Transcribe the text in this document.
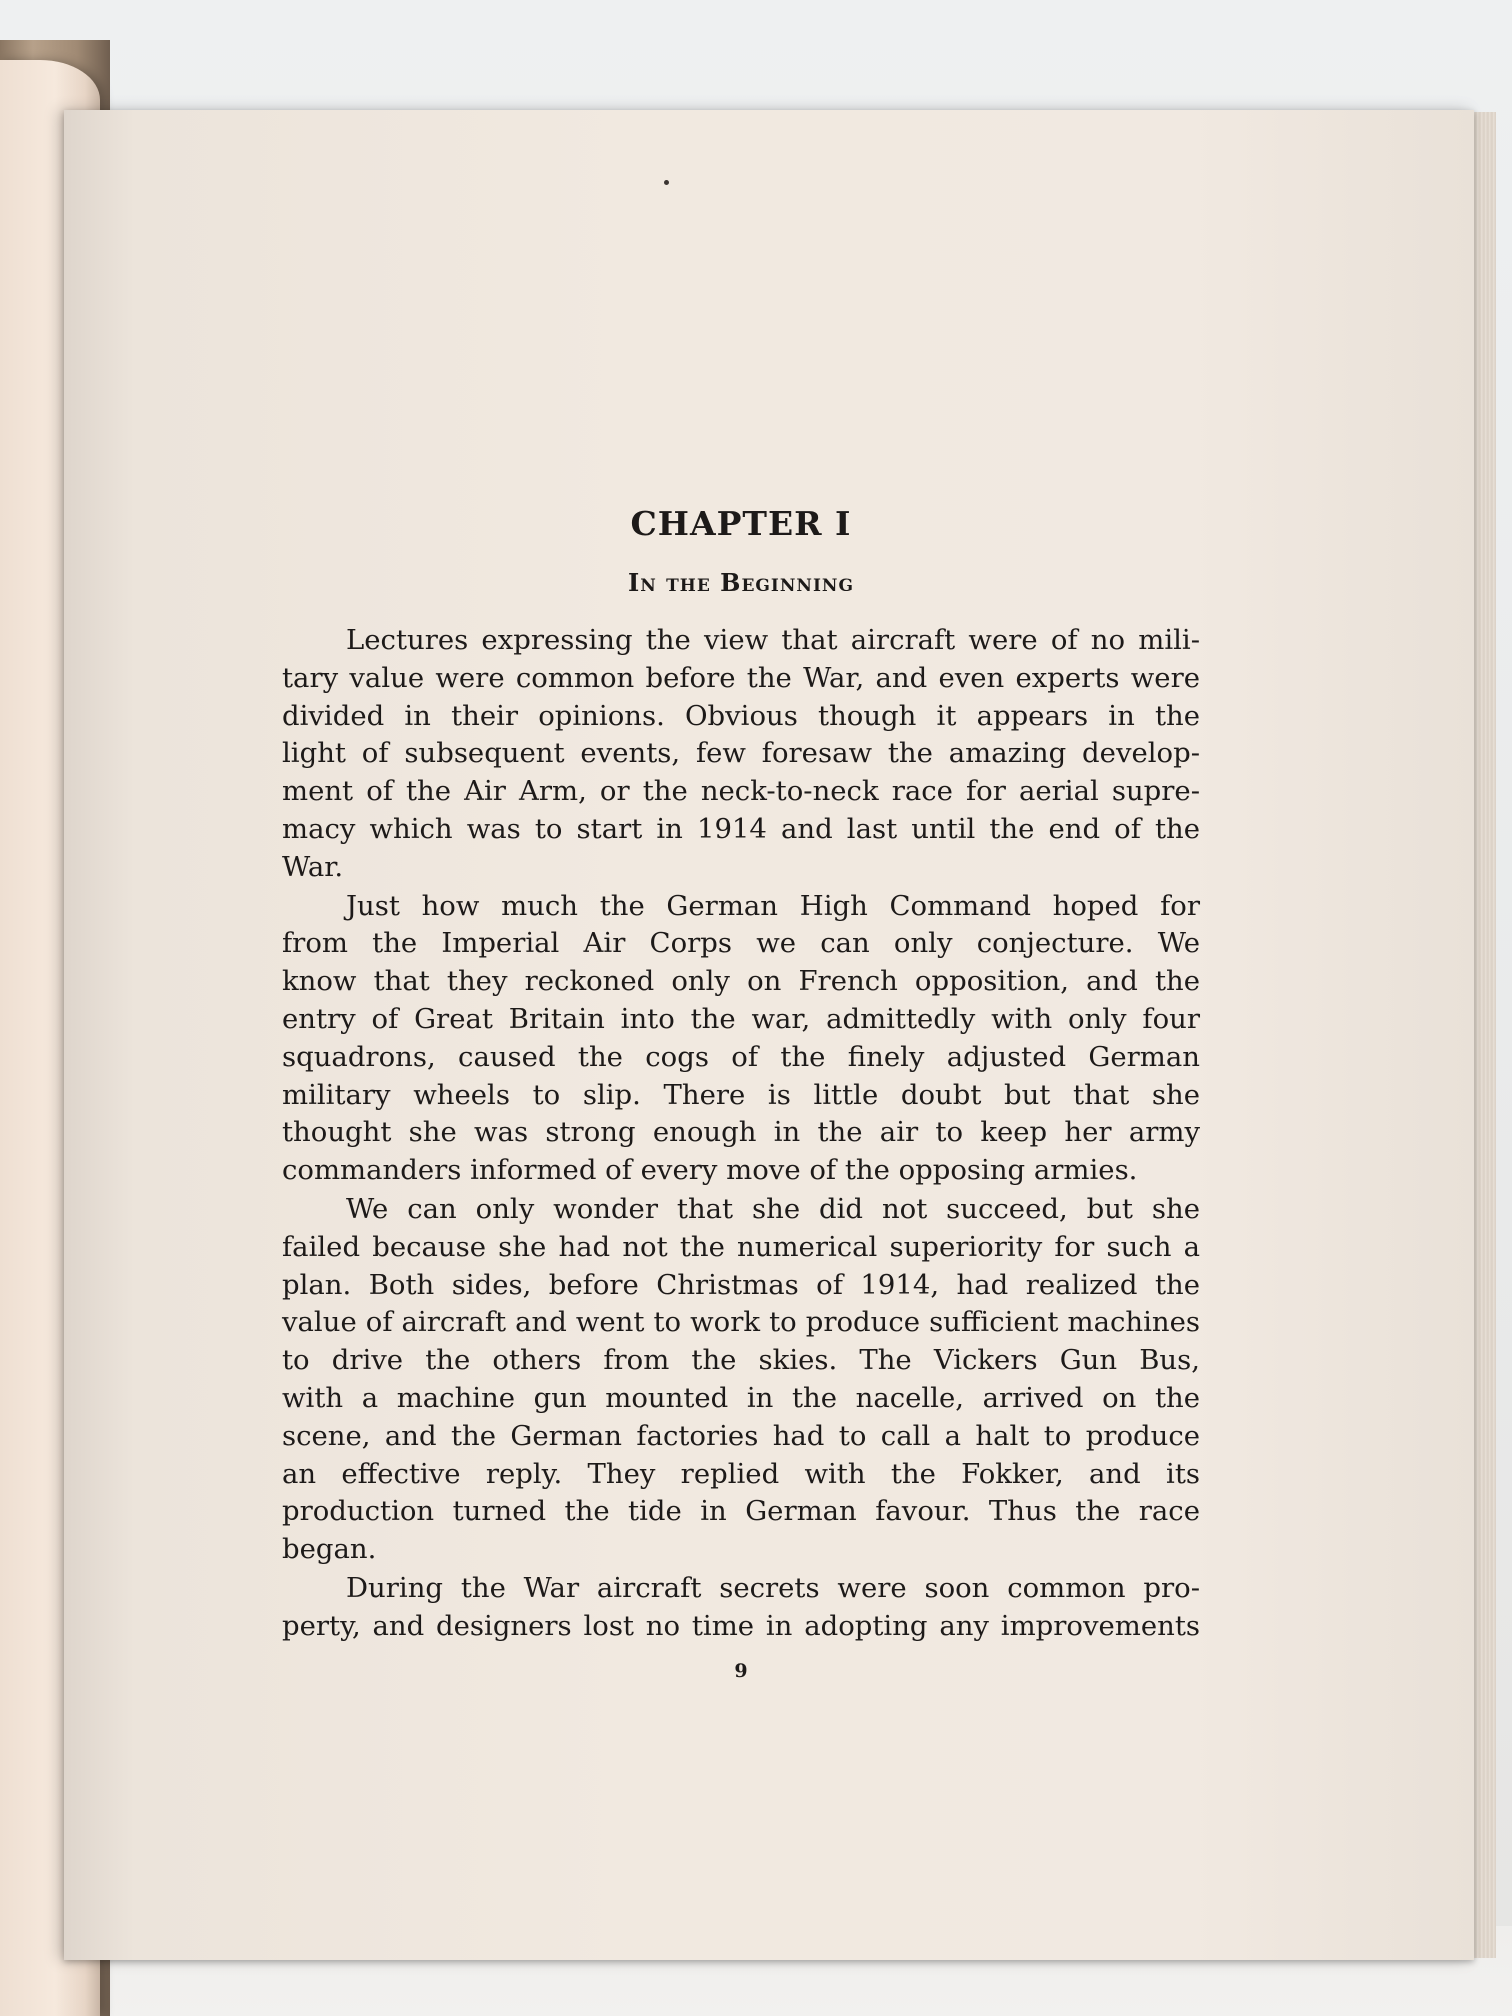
CHAPTER I
In the Beginning

Lectures expressing the view that aircraft were of no mili-
tary value were common before the War, and even experts were
divided in their opinions. Obvious though it appears in the
light of subsequent events, few foresaw the amazing develop-
ment of the Air Arm, or the neck-to-neck race for aerial supre-
macy which was to start in 1914 and last until the end of the
War.

Just how much the German High Command hoped for
from the Imperial Air Corps we can only conjecture. We
know that they reckoned only on French opposition, and the
entry of Great Britain into the war, admittedly with only four
squadrons, caused the cogs of the finely adjusted German
military wheels to slip. There is little doubt but that she
thought she was strong enough in the air to keep her army
commanders informed of every move of the opposing armies.

We can only wonder that she did not succeed, but she
failed because she had not the numerical superiority for such a
plan. Both sides, before Christmas of 1914, had realized the
value of aircraft and went to work to produce sufficient machines
to drive the others from the skies. The Vickers Gun Bus,
with a machine gun mounted in the nacelle, arrived on the
scene, and the German factories had to call a halt to produce
an effective reply. They replied with the Fokker, and its
production turned the tide in German favour. Thus the race
began.

During the War aircraft secrets were soon common pro-
perty, and designers lost no time in adopting any improvements

9
